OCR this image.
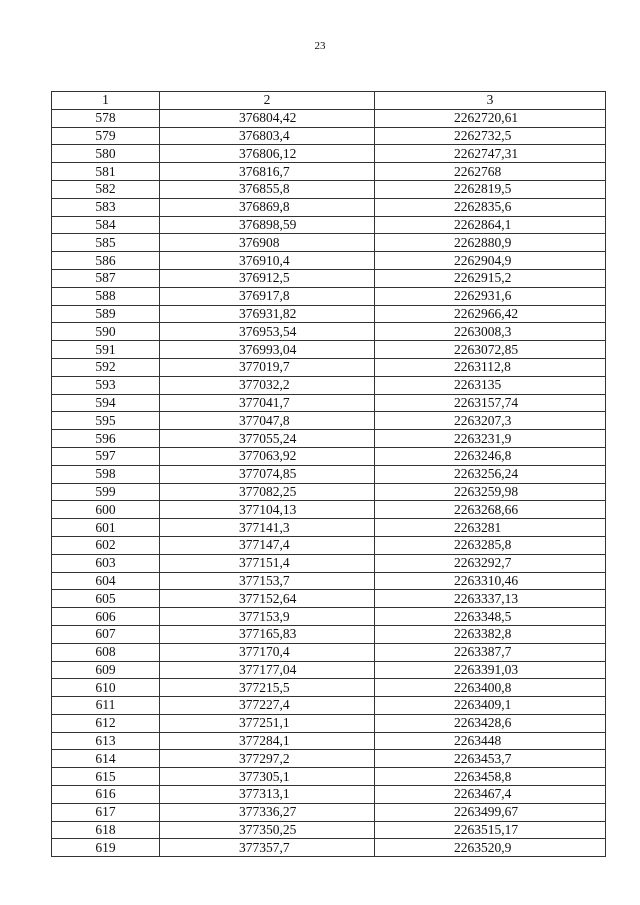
23
1	2	3
578	376804,42	2262720,61
579	376803,4	2262732,5
580	376806,12	2262747,31
581	376816,7	2262768
582	376855,8	2262819,5
583	376869,8	2262835,6
584	376898,59	2262864,1
585	376908	2262880,9
586	376910,4	2262904,9
587	376912,5	2262915,2
588	376917,8	2262931,6
589	376931,82	2262966,42
590	376953,54	2263008,3
591	376993,04	2263072,85
592	377019,7	2263112,8
593	377032,2	2263135
594	377041,7	2263157,74
595	377047,8	2263207,3
596	377055,24	2263231,9
597	377063,92	2263246,8
598	377074,85	2263256,24
599	377082,25	2263259,98
600	377104,13	2263268,66
601	377141,3	2263281
602	377147,4	2263285,8
603	377151,4	2263292,7
604	377153,7	2263310,46
605	377152,64	2263337,13
606	377153,9	2263348,5
607	377165,83	2263382,8
608	377170,4	2263387,7
609	377177,04	2263391,03
610	377215,5	2263400,8
611	377227,4	2263409,1
612	377251,1	2263428,6
613	377284,1	2263448
614	377297,2	2263453,7
615	377305,1	2263458,8
616	377313,1	2263467,4
617	377336,27	2263499,67
618	377350,25	2263515,17
619	377357,7	2263520,9
